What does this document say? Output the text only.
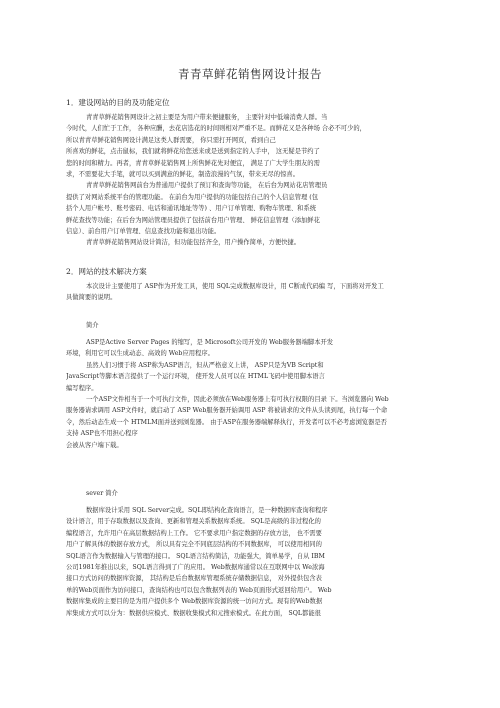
青青草鲜花销售网设计报告

1．建设网站的目的及功能定位

青青草鲜花销售网设计之初主要是为用户带来便捷服务， 主要针对中低端消费人群。当

今时代，人们忙于工作， 各种应酬，去花店选花的时间则相对严重不足。而鲜花又是各种场 合必不可少的，

所以青青草鲜花销售网设计满足这类人群需要， 你只需打开网页，看到自己

所喜欢的鲜花，点击鼠标，我们就将鲜花给您送来或是送到指定的人手中， 这无疑是节约了

您的时间和精力。再者，青青草鲜花销售网上所售鲜花先对便宜， 满足了广大学生朋友的需

求，不需要花大手笔，就可以买到满意的鲜花，制造浪漫的气氛，带来无尽的惊喜。

青青草鲜花销售网前台为普通用户提供了预订和查询等功能， 在后台为网站花店管理员

提供了对网站系统平台的管理功能。 在前台为用户提供的功能包括自己的个人信息管理 (包

括个人用户帐号、账号密码、电话和通讯地址等等) 、用户订单管理、购物车管理、和系统

鲜花查找等功能；在后台为网站管理员提供了包括前台用户管理、 鲜花信息管理（添加鲜花

信息）、前台用户订单管理、信息查找功能和退出功能。

青青草鲜花销售网站设计简洁，但功能包括齐全，用户操作简单，方便快捷。

2．网站的技术解决方案

本次设计主要使用了 ASP作为开发工具，使用 SQL完成数据库设计，用 C断成代码编 写，下面将对开发工

具做简要的说明。

简介

ASP是Active Server Pages 的缩写，是 Microsoft公司开发的 Web服务器端脚本开发

环境，利用它可以生成动态、高效的 Web应用程序。

虽然人们习惯于将 ASP称为ASP语言，但从严格意义上讲， ASP只是为VB Script和

JavaScript等脚本语言提供了一个运行环境， 使开发人员可以在 HTML飞码中使用脚本语言

编写程序。

一个ASP文件相当于一个可执行文件，因此必须放在Web服务器上有可执行权限的目录 下。当浏览器向 Web

服务器请求调用 ASP文件时，就启动了 ASP Web服务器开始调用 ASP 将被请求的文件从头读到尾，执行每一个命

令，然后动态生成一个 HTMLM面并送到浏览器。 由于ASP在服务器端解释执行，开发者可以不必考虑浏览器是否

支持 ASP也不用担心程序

会被从客户端下载。

sever 简介

数据库设计采用 SQL Server完成。SQL即结构化查询语言，是一种数据库查询和程序

设计语言，用于存取数据以及查询、更新和管理关系数据库系统。 SQL是高级的非过程化的

编程语言，允许用户在高层数据结构上工作。 它不要求用户指定数据的存放方法， 也不需要

用户了解具体的数据存放方式， 所以具有完全不同底层结构的不同数据库， 可以使用相同的

SQL语言作为数据输入与管理的接口。 SQL语言结构简洁，功能强大，简单易学，自从 IBM

公司1981年推出以来，SQL语言得到了广的应用。 Web数据库通常以在互联网中以 We浓海

接口方式访问的数据库资源， 其结构是后台数据库管理系统存储数据信息， 对外提供包含表

单的Web页面作为访问接口，查询结构也可以包含数据列表的 Web页面形式返回给用户。 Web

数据库集成的主要目的是为用户提供多个 Web数据库资源的统一访问方式。现有的Web数据

库集成方式可以分为：数据供应模式、数据收集模式和元搜索模式。在此方面， SQL都能很
